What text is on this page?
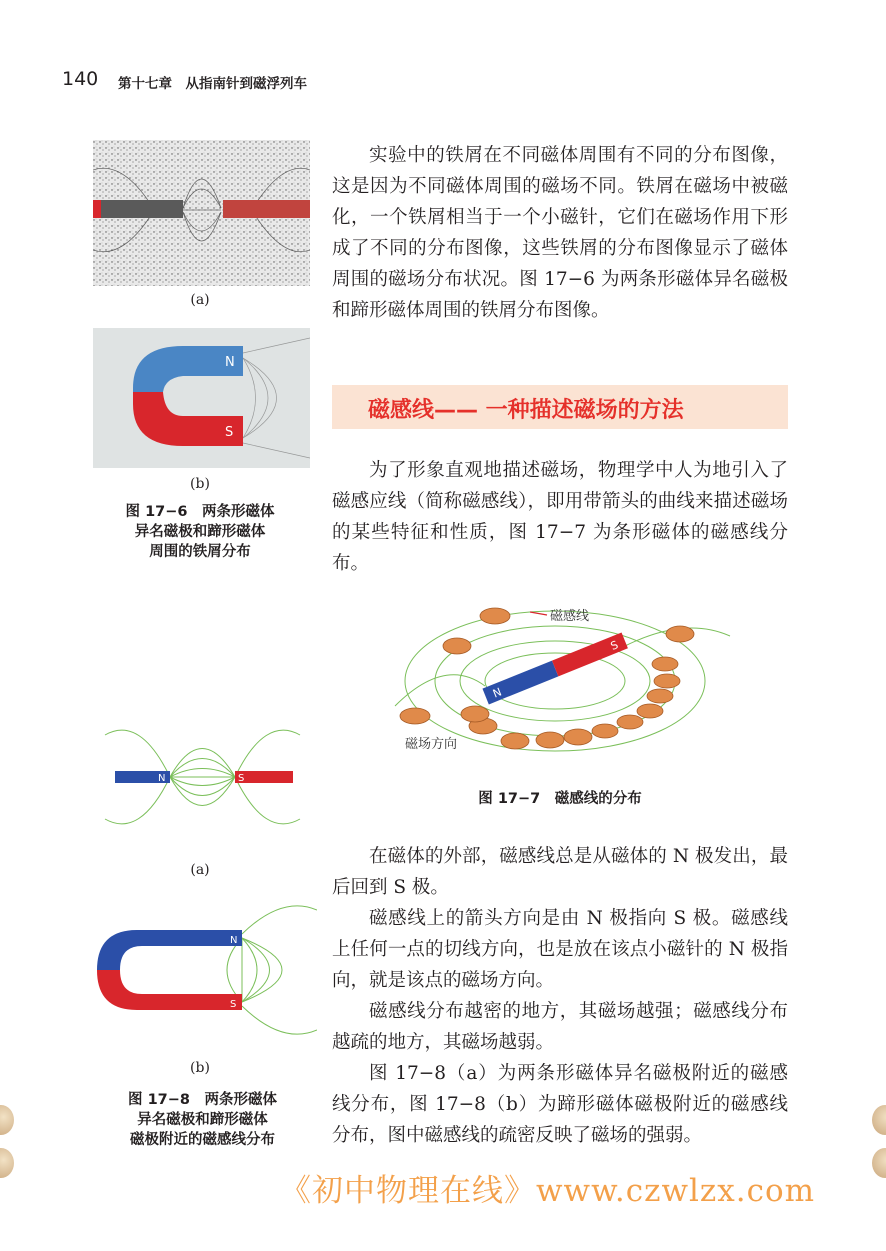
140 第十七章　从指南针到磁浮列车
(a)
N
S
(b)
图 17−6　两条形磁体
异名磁极和蹄形磁体
周围的铁屑分布

实验中的铁屑在不同磁体周围有不同的分布图像，这是因为不同磁体周围的磁场不同。铁屑在磁场中被磁化，一个铁屑相当于一个小磁针，它们在磁场作用下形成了不同的分布图像，这些铁屑的分布图像显示了磁体周围的磁场分布状况。图 17−6 为两条形磁体异名磁极和蹄形磁体周围的铁屑分布图像。

磁感线—— 一种描述磁场的方法

为了形象直观地描述磁场，物理学中人为地引入了磁感应线（简称磁感线），即用带箭头的曲线来描述磁场的某些特征和性质，图 17−7 为条形磁体的磁感线分布。

N
S
磁感线
磁场方向
图 17−7　磁感线的分布
N	S
(a)
N
S
(b)
图 17−8　两条形磁体
异名磁极和蹄形磁体
磁极附近的磁感线分布

在磁体的外部，磁感线总是从磁体的 N 极发出，最后回到 S 极。

磁感线上的箭头方向是由 N 极指向 S 极。磁感线上任何一点的切线方向，也是放在该点小磁针的 N 极指向，就是该点的磁场方向。

磁感线分布越密的地方，其磁场越强；磁感线分布越疏的地方，其磁场越弱。

图 17−8（a）为两条形磁体异名磁极附近的磁感线分布，图 17−8（b）为蹄形磁体磁极附近的磁感线分布，图中磁感线的疏密反映了磁场的强弱。

《初中物理在线》www.czwlzx.com
